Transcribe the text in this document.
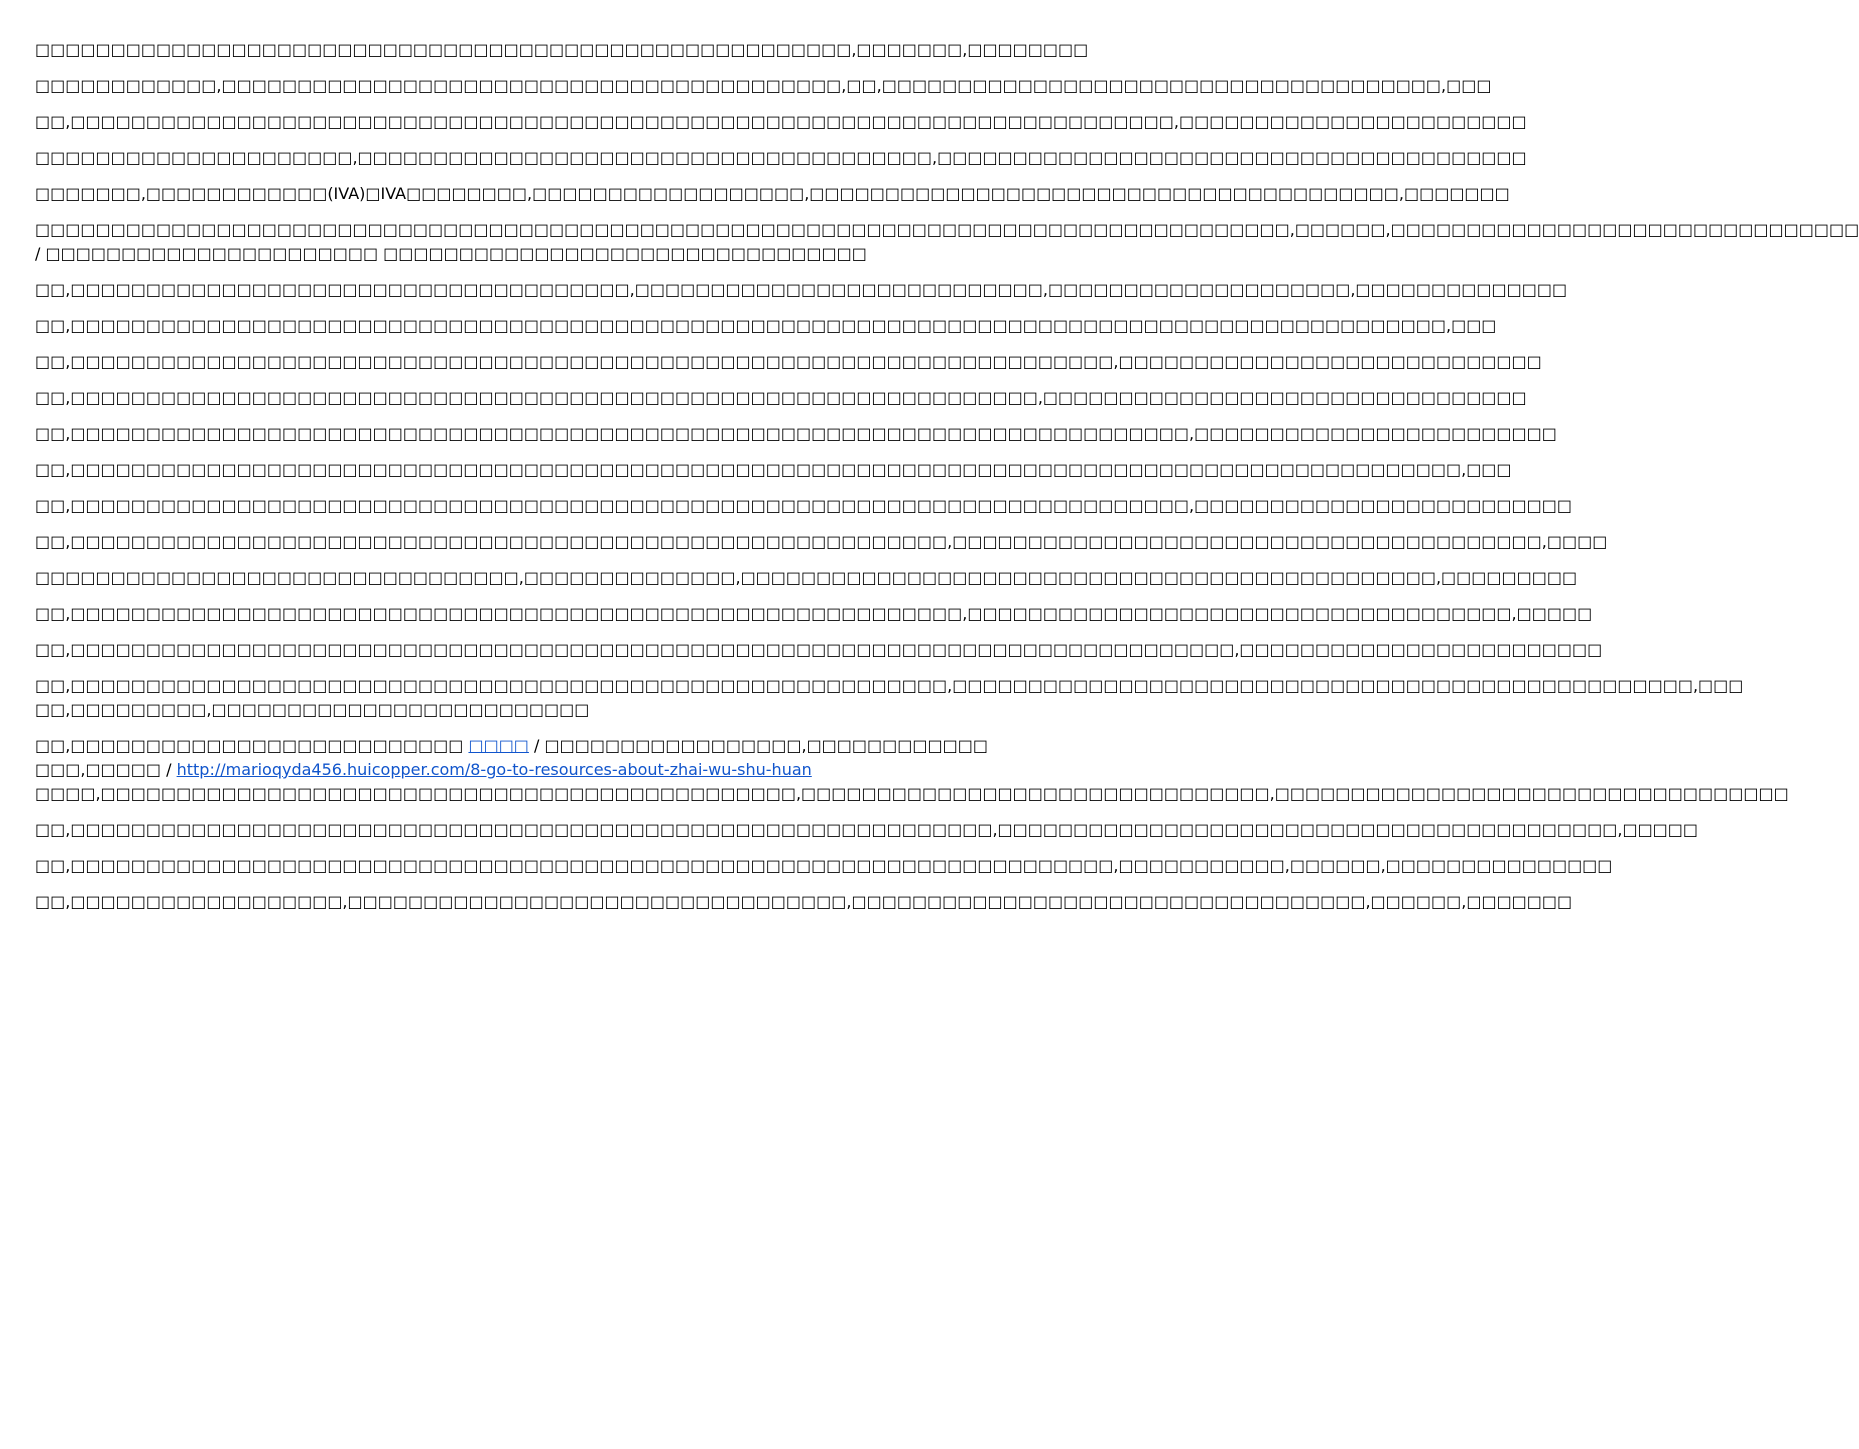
□□□□□□□□□□□□□□□□□□□□□□□□□□□□□□□□□□□□□□□□□□□□□□□□□□□□□□,□□□□□□□,□□□□□□□□

□□□□□□□□□□□□,□□□□□□□□□□□□□□□□□□□□□□□□□□□□□□□□□□□□□□□□□,□□,□□□□□□□□□□□□□□□□□□□□□□□□□□□□□□□□□□□□□,□□□

□□,□□□□□□□□□□□□□□□□□□□□□□□□□□□□□□□□□□□□□□□□□□□□□□□□□□□□□□□□□□□□□□□□□□□□□□□□□,□□□□□□□□□□□□□□□□□□□□□□□

□□□□□□□□□□□□□□□□□□□□□,□□□□□□□□□□□□□□□□□□□□□□□□□□□□□□□□□□□□□□,□□□□□□□□□□□□□□□□□□□□□□□□□□□□□□□□□□□□□□□

□□□□□□□,□□□□□□□□□□□□(IVA)□IVA□□□□□□□□,□□□□□□□□□□□□□□□□□□,□□□□□□□□□□□□□□□□□□□□□□□□□□□□□□□□□□□□□□□,□□□□□□□

□□□□□□□□□□□□□□□□□□□□□□□□□□□□□□□□□□□□□□□□□□□□□□□□□□□□□□□□□□□□□□□□□□□□□□□□□□□□□□□□□□□,□□□□□□,□□□□□□□□□□□□□□□□□□□□□□□□□□□□□□□
/ □□□□□□□□□□□□□□□□□□□□□□ □□□□□□□□□□□□□□□□□□□□□□□□□□□□□□□□

□□,□□□□□□□□□□□□□□□□□□□□□□□□□□□□□□□□□□□□□,□□□□□□□□□□□□□□□□□□□□□□□□□□□,□□□□□□□□□□□□□□□□□□□□,□□□□□□□□□□□□□□

□□,□□□□□□□□□□□□□□□□□□□□□□□□□□□□□□□□□□□□□□□□□□□□□□□□□□□□□□□□□□□□□□□□□□□□□□□□□□□□□□□□□□□□□□□□□□□,□□□

□□,□□□□□□□□□□□□□□□□□□□□□□□□□□□□□□□□□□□□□□□□□□□□□□□□□□□□□□□□□□□□□□□□□□□□□,□□□□□□□□□□□□□□□□□□□□□□□□□□□□

□□,□□□□□□□□□□□□□□□□□□□□□□□□□□□□□□□□□□□□□□□□□□□□□□□□□□□□□□□□□□□□□□□□,□□□□□□□□□□□□□□□□□□□□□□□□□□□□□□□□

□□,□□□□□□□□□□□□□□□□□□□□□□□□□□□□□□□□□□□□□□□□□□□□□□□□□□□□□□□□□□□□□□□□□□□□□□□□□□,□□□□□□□□□□□□□□□□□□□□□□□□

□□,□□□□□□□□□□□□□□□□□□□□□□□□□□□□□□□□□□□□□□□□□□□□□□□□□□□□□□□□□□□□□□□□□□□□□□□□□□□□□□□□□□□□□□□□□□□□,□□□

□□,□□□□□□□□□□□□□□□□□□□□□□□□□□□□□□□□□□□□□□□□□□□□□□□□□□□□□□□□□□□□□□□□□□□□□□□□□□,□□□□□□□□□□□□□□□□□□□□□□□□□

□□,□□□□□□□□□□□□□□□□□□□□□□□□□□□□□□□□□□□□□□□□□□□□□□□□□□□□□□□□□□,□□□□□□□□□□□□□□□□□□□□□□□□□□□□□□□□□□□□□□□,□□□□

□□□□□□□□□□□□□□□□□□□□□□□□□□□□□□□□,□□□□□□□□□□□□□□,□□□□□□□□□□□□□□□□□□□□□□□□□□□□□□□□□□□□□□□□□□□□□□,□□□□□□□□□

□□,□□□□□□□□□□□□□□□□□□□□□□□□□□□□□□□□□□□□□□□□□□□□□□□□□□□□□□□□□□□,□□□□□□□□□□□□□□□□□□□□□□□□□□□□□□□□□□□□,□□□□□

□□,□□□□□□□□□□□□□□□□□□□□□□□□□□□□□□□□□□□□□□□□□□□□□□□□□□□□□□□□□□□□□□□□□□□□□□□□□□□□□,□□□□□□□□□□□□□□□□□□□□□□□□

□□,□□□□□□□□□□□□□□□□□□□□□□□□□□□□□□□□□□□□□□□□□□□□□□□□□□□□□□□□□□,□□□□□□□□□□□□□□□□□□□□□□□□□□□□□□□□□□□□□□□□□□□□□□□□□,□□□
□□,□□□□□□□□□,□□□□□□□□□□□□□□□□□□□□□□□□□
□□,□□□□□□□□□□□□□□□□□□□□□□□□□□ □□□□ / □□□□□□□□□□□□□□□□□,□□□□□□□□□□□□□□□,□□□□□ / http://marioqyda456.huicopper.com/8-go-to-resources-about-zhai-wu-shu-huan

□□□□,□□□□□□□□□□□□□□□□□□□□□□□□□□□□□□□□□□□□□□□□□□□□□□,□□□□□□□□□□□□□□□□□□□□□□□□□□□□□□□,□□□□□□□□□□□□□□□□□□□□□□□□□□□□□□□□□□

□□,□□□□□□□□□□□□□□□□□□□□□□□□□□□□□□□□□□□□□□□□□□□□□□□□□□□□□□□□□□□□□,□□□□□□□□□□□□□□□□□□□□□□□□□□□□□□□□□□□□□□□□□,□□□□□

□□,□□□□□□□□□□□□□□□□□□□□□□□□□□□□□□□□□□□□□□□□□□□□□□□□□□□□□□□□□□□□□□□□□□□□□,□□□□□□□□□□□,□□□□□□,□□□□□□□□□□□□□□□

□□,□□□□□□□□□□□□□□□□□□,□□□□□□□□□□□□□□□□□□□□□□□□□□□□□□□□□,□□□□□□□□□□□□□□□□□□□□□□□□□□□□□□□□□□,□□□□□□,□□□□□□□
